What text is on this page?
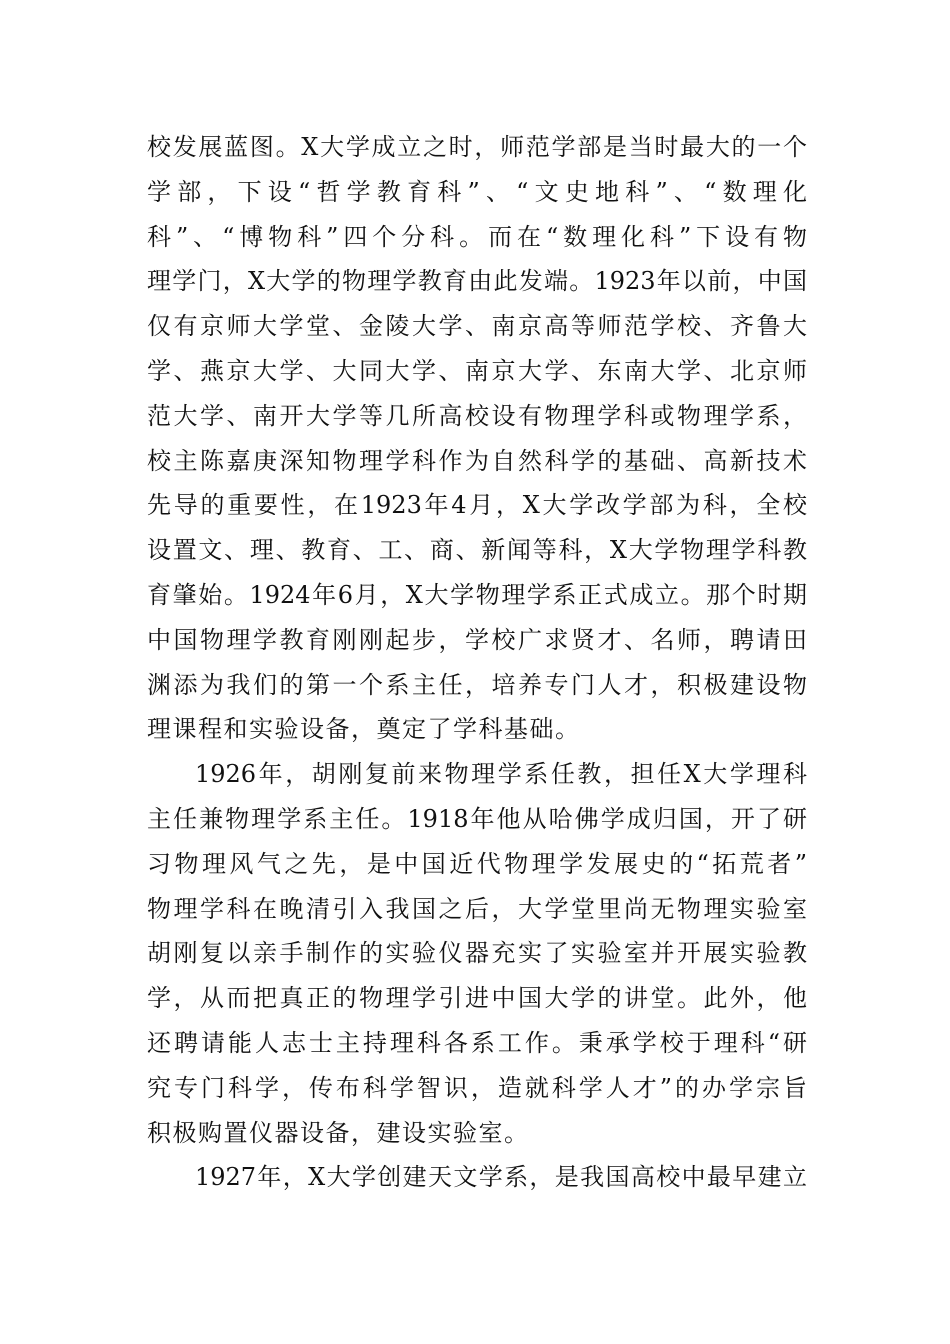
校发展蓝图。X大学成立之时，师范学部是当时最大的一个
学部，下设“哲学教育科”、“文史地科”、“数理化
科”、“博物科”四个分科。而在“数理化科”下设有物
理学门，X大学的物理学教育由此发端。1923年以前，中国
仅有京师大学堂、金陵大学、南京高等师范学校、齐鲁大
学、燕京大学、大同大学、南京大学、东南大学、北京师
范大学、南开大学等几所高校设有物理学科或物理学系，
校主陈嘉庚深知物理学科作为自然科学的基础、高新技术
先导的重要性，在1923年4月，X大学改学部为科，全校
设置文、理、教育、工、商、新闻等科，X大学物理学科教
育肇始。1924年6月，X大学物理学系正式成立。那个时期
中国物理学教育刚刚起步，学校广求贤才、名师，聘请田
渊添为我们的第一个系主任，培养专门人才，积极建设物
理课程和实验设备，奠定了学科基础。
1926年，胡刚复前来物理学系任教，担任X大学理科
主任兼物理学系主任。1918年他从哈佛学成归国，开了研
习物理风气之先，是中国近代物理学发展史的“拓荒者”
物理学科在晚清引入我国之后，大学堂里尚无物理实验室
胡刚复以亲手制作的实验仪器充实了实验室并开展实验教
学，从而把真正的物理学引进中国大学的讲堂。此外，他
还聘请能人志士主持理科各系工作。秉承学校于理科“研
究专门科学，传布科学智识，造就科学人才”的办学宗旨
积极购置仪器设备，建设实验室。
1927年，X大学创建天文学系，是我国高校中最早建立
